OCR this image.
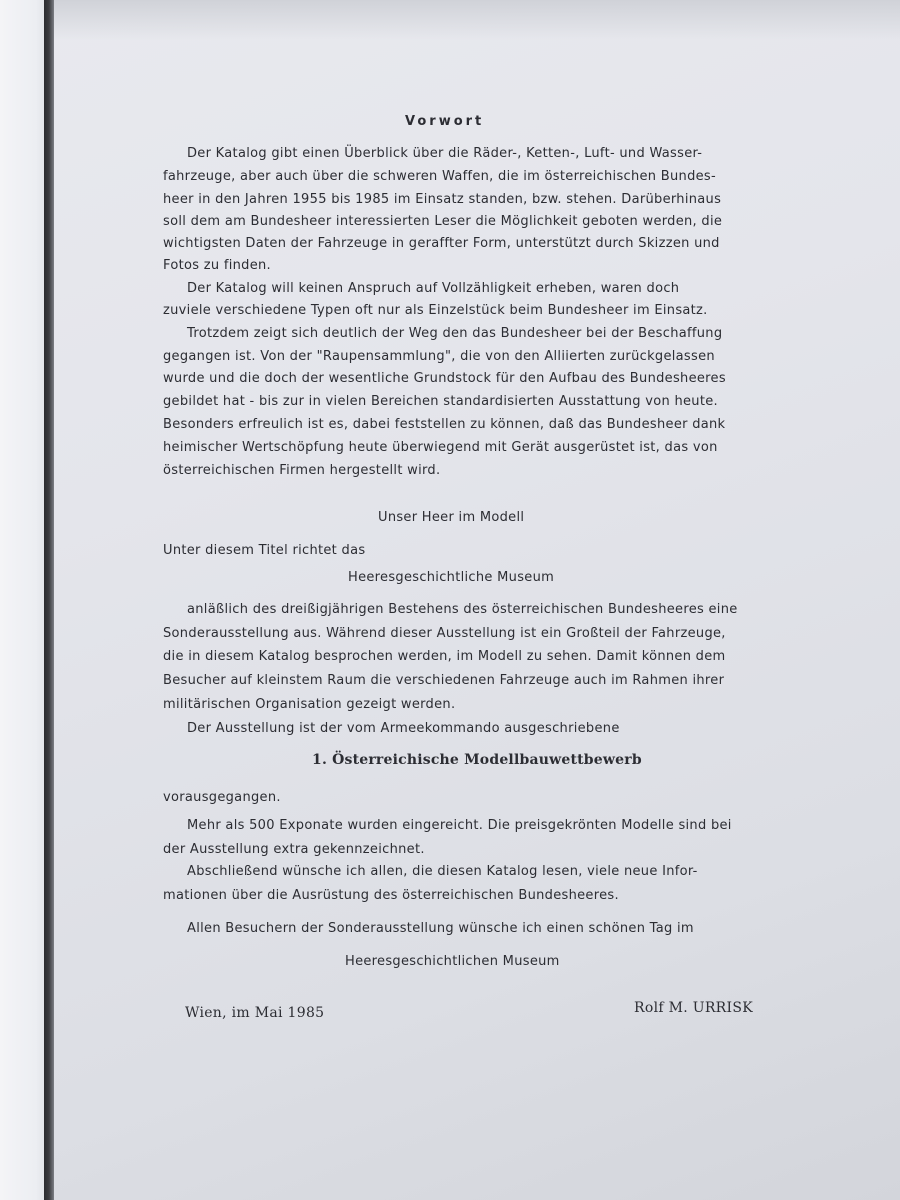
Vorwort
Der Katalog gibt einen Überblick über die Räder-, Ketten-, Luft- und Wasser-
fahrzeuge, aber auch über die schweren Waffen, die im österreichischen Bundes-
heer in den Jahren 1955 bis 1985 im Einsatz standen, bzw. stehen. Darüberhinaus
soll dem am Bundesheer interessierten Leser die Möglichkeit geboten werden, die
wichtigsten Daten der Fahrzeuge in geraffter Form, unterstützt durch Skizzen und
Fotos zu finden.
Der Katalog will keinen Anspruch auf Vollzähligkeit erheben, waren doch
zuviele verschiedene Typen oft nur als Einzelstück beim Bundesheer im Einsatz.
Trotzdem zeigt sich deutlich der Weg den das Bundesheer bei der Beschaffung
gegangen ist. Von der "Raupensammlung", die von den Alliierten zurückgelassen
wurde und die doch der wesentliche Grundstock für den Aufbau des Bundesheeres
gebildet hat - bis zur in vielen Bereichen standardisierten Ausstattung von heute.
Besonders erfreulich ist es, dabei feststellen zu können, daß das Bundesheer dank
heimischer Wertschöpfung heute überwiegend mit Gerät ausgerüstet ist, das von
österreichischen Firmen hergestellt wird.
Unser Heer im Modell
Unter diesem Titel richtet das
Heeresgeschichtliche Museum
anläßlich des dreißigjährigen Bestehens des österreichischen Bundesheeres eine
Sonderausstellung aus. Während dieser Ausstellung ist ein Großteil der Fahrzeuge,
die in diesem Katalog besprochen werden, im Modell zu sehen. Damit können dem
Besucher auf kleinstem Raum die verschiedenen Fahrzeuge auch im Rahmen ihrer
militärischen Organisation gezeigt werden.
Der Ausstellung ist der vom Armeekommando ausgeschriebene
1. Österreichische Modellbauwettbewerb
vorausgegangen.
Mehr als 500 Exponate wurden eingereicht. Die preisgekrönten Modelle sind bei
der Ausstellung extra gekennzeichnet.
Abschließend wünsche ich allen, die diesen Katalog lesen, viele neue Infor-
mationen über die Ausrüstung des österreichischen Bundesheeres.
Allen Besuchern der Sonderausstellung wünsche ich einen schönen Tag im
Heeresgeschichtlichen Museum
Wien, im Mai 1985	Rolf M. URRISK
